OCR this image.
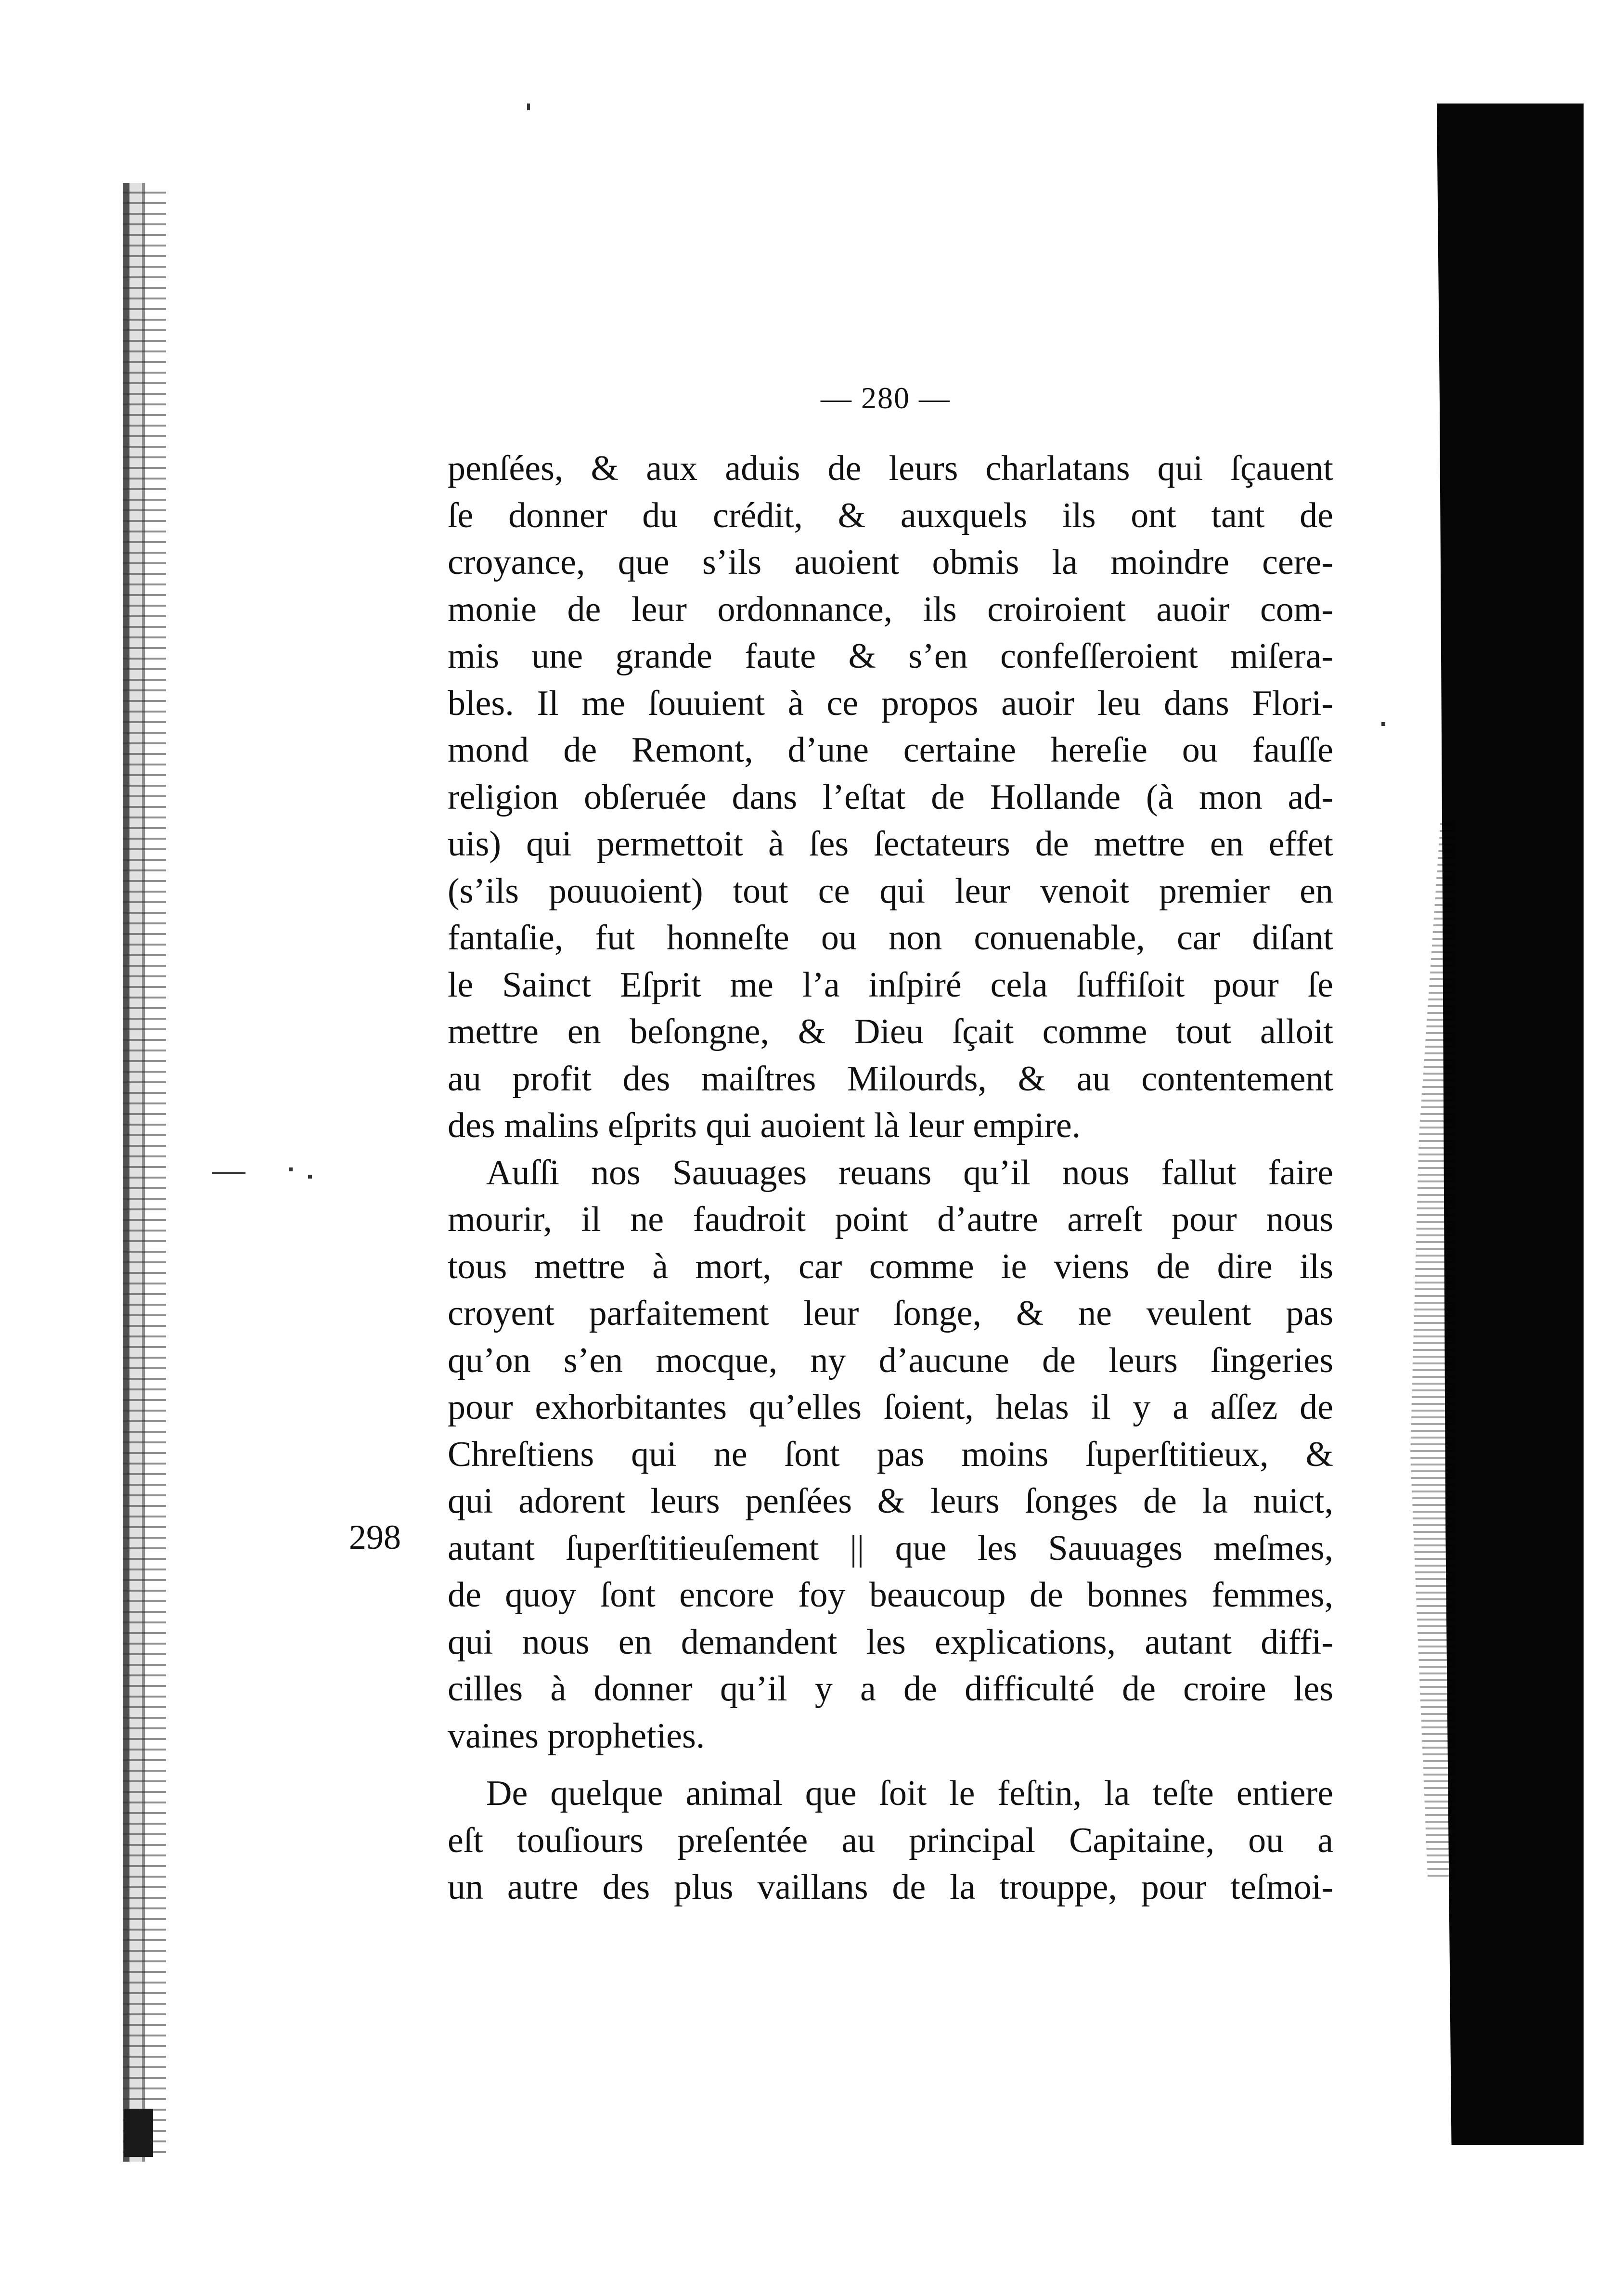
— 280 —
298
penſées, & aux aduis de leurs charlatans qui ſçauent
ſe donner du crédit, & auxquels ils ont tant de
croyance, que s’ils auoient obmis la moindre cere-
monie de leur ordonnance, ils croiroient auoir com-
mis une grande faute & s’en confeſſeroient miſera-
bles. Il me ſouuient à ce propos auoir leu dans Flori-
mond de Remont, d’une certaine hereſie ou fauſſe
religion obſeruée dans l’eſtat de Hollande (à mon ad-
uis) qui permettoit à ſes ſectateurs de mettre en effet
(s’ils pouuoient) tout ce qui leur venoit premier en
fantaſie, fut honneſte ou non conuenable, car diſant
le Sainct Eſprit me l’a inſpiré cela ſuffiſoit pour ſe
mettre en beſongne, & Dieu ſçait comme tout alloit
au profit des maiſtres Milourds, & au contentement
des malins eſprits qui auoient là leur empire.
Auſſi nos Sauuages reuans qu’il nous fallut faire
mourir, il ne faudroit point d’autre arreſt pour nous
tous mettre à mort, car comme ie viens de dire ils
croyent parfaitement leur ſonge, & ne veulent pas
qu’on s’en mocque, ny d’aucune de leurs ſingeries
pour exhorbitantes qu’elles ſoient, helas il y a aſſez de
Chreſtiens qui ne ſont pas moins ſuperſtitieux, &
qui adorent leurs penſées & leurs ſonges de la nuict,
autant ſuperſtitieuſement || que les Sauuages meſmes,
de quoy ſont encore foy beaucoup de bonnes femmes,
qui nous en demandent les explications, autant diffi-
cilles à donner qu’il y a de difficulté de croire les
vaines propheties.
De quelque animal que ſoit le feſtin, la teſte entiere
eſt touſiours preſentée au principal Capitaine, ou a
un autre des plus vaillans de la trouppe, pour teſmoi-
